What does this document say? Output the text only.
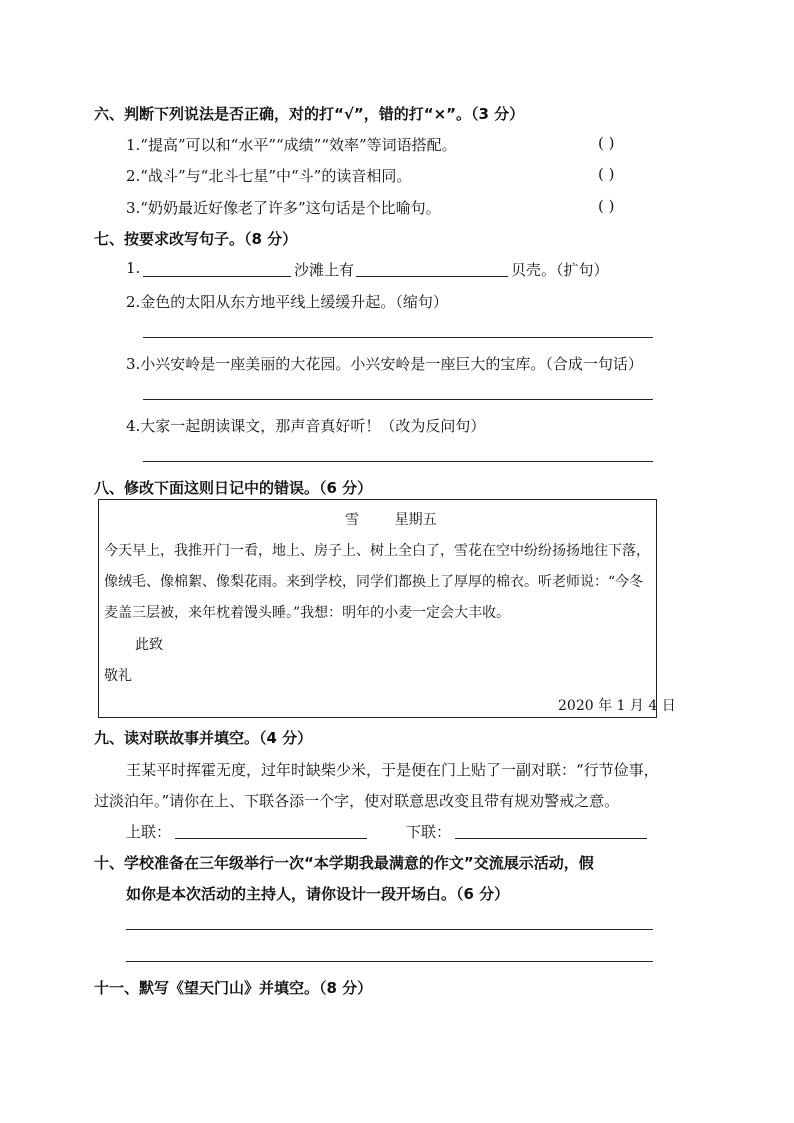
六、判断下列说法是否正确，对的打“√”，错的打“×”。（3 分）
1.“提高”可以和“水平”“成绩”“效率”等词语搭配。	( )
2.“战斗”与“北斗七星”中“斗”的读音相同。	( )
3.“奶奶最近好像老了许多”这句话是个比喻句。	( )
七、按要求改写句子。（8 分）
1.	沙滩上有	贝壳。（扩句）
2.金色的太阳从东方地平线上缓缓升起。（缩句）
3.小兴安岭是一座美丽的大花园。小兴安岭是一座巨大的宝库。（合成一句话）
4.大家一起朗读课文，那声音真好听！（改为反问句）
八、修改下面这则日记中的错误。（6 分）
雪        星期五
今天早上，我推开门一看，地上、房子上、树上全白了，雪花在空中纷纷扬扬地往下落，
像绒毛、像棉絮、像梨花雨。来到学校，同学们都换上了厚厚的棉衣。听老师说：“今冬
麦盖三层被，来年枕着馒头睡。”我想：明年的小麦一定会大丰收。
此致
敬礼
2020 年 1 月 4 日
九、读对联故事并填空。（4 分）
王某平时挥霍无度，过年时缺柴少米，于是便在门上贴了一副对联：“行节俭事，
过淡泊年。”请你在上、下联各添一个字，使对联意思改变且带有规劝警戒之意。
上联：	下联：
十、学校准备在三年级举行一次“本学期我最满意的作文”交流展示活动，假
如你是本次活动的主持人，请你设计一段开场白。（6 分）
十一、默写《望天门山》并填空。（8 分）
